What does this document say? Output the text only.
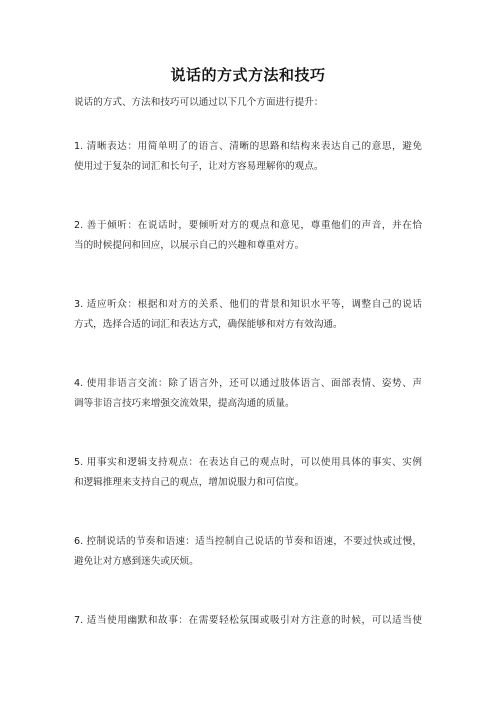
说话的方式方法和技巧
说话的方式、方法和技巧可以通过以下几个方面进行提升：
1. 清晰表达：用简单明了的语言、清晰的思路和结构来表达自己的意思，避免
使用过于复杂的词汇和长句子，让对方容易理解你的观点。
2. 善于倾听：在说话时，要倾听对方的观点和意见，尊重他们的声音，并在恰
当的时候提问和回应，以展示自己的兴趣和尊重对方。
3. 适应听众：根据和对方的关系、他们的背景和知识水平等，调整自己的说话
方式，选择合适的词汇和表达方式，确保能够和对方有效沟通。
4. 使用非语言交流：除了语言外，还可以通过肢体语言、面部表情、姿势、声
调等非语言技巧来增强交流效果，提高沟通的质量。
5. 用事实和逻辑支持观点：在表达自己的观点时，可以使用具体的事实、实例
和逻辑推理来支持自己的观点，增加说服力和可信度。
6. 控制说话的节奏和语速：适当控制自己说话的节奏和语速，不要过快或过慢，
避免让对方感到迷失或厌烦。
7. 适当使用幽默和故事：在需要轻松氛围或吸引对方注意的时候，可以适当使
